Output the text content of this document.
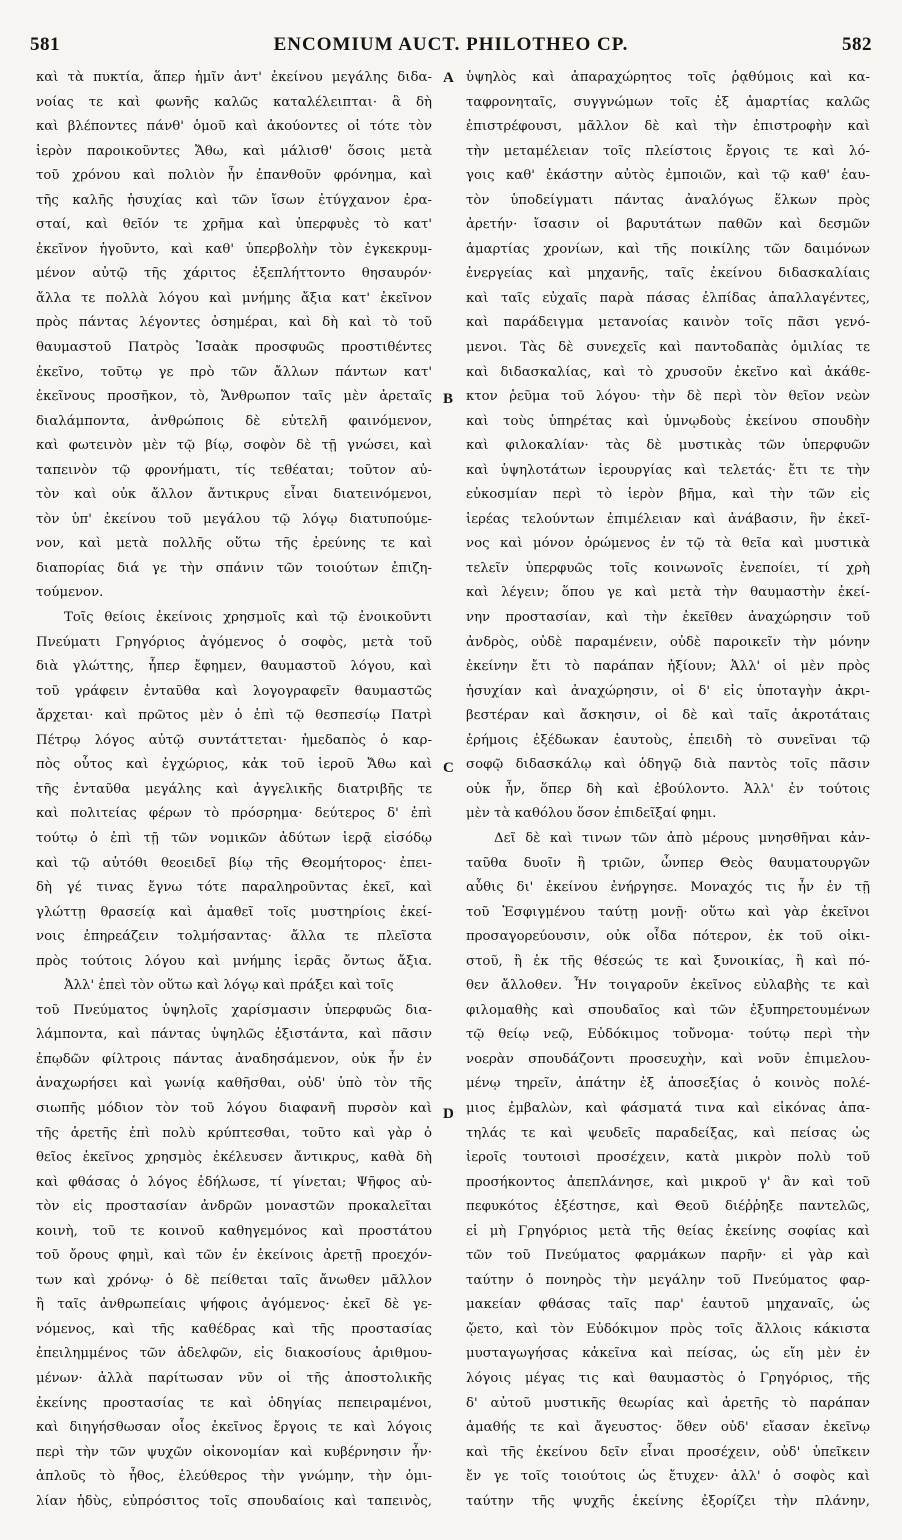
581	ENCOMIUM AUCT. PHILOTHEO CP.	582
καὶ τὰ πυκτία, ἅπερ ἡμῖν ἀντ' ἐκείνου μεγάλης διδα-
νοίας τε καὶ φωνῆς καλῶς καταλέλειπται· ἃ δὴ
καὶ βλέποντες πάνθ' ὁμοῦ καὶ ἀκούοντες οἱ τότε τὸν
ἱερὸν παροικοῦντες Ἄθω, καὶ μάλισθ' ὅσοις μετὰ
τοῦ χρόνου καὶ πολιὸν ἦν ἐπανθοῦν φρόνημα, καὶ
τῆς καλῆς ἡσυχίας καὶ τῶν ἴσων ἐτύγχανον ἐρα-
σταί, καὶ θεῖόν τε χρῆμα καὶ ὑπερφυὲς τὸ κατ'
ἐκεῖνον ἡγοῦντο, καὶ καθ' ὑπερβολὴν τὸν ἐγκεκρυμ-
μένον αὐτῷ τῆς χάριτος ἐξεπλήττοντο θησαυρόν·
ἄλλα τε πολλὰ λόγου καὶ μνήμης ἄξια κατ' ἐκεῖνον
πρὸς πάντας λέγοντες ὁσημέραι, καὶ δὴ καὶ τὸ τοῦ
θαυμαστοῦ Πατρὸς Ἰσαὰκ προσφυῶς προστιθέντες
ἐκεῖνο, τοῦτῳ γε πρὸ τῶν ἄλλων πάντων κατ'
ἐκεῖνους προσῆκον, τὸ, Ἄνθρωπον ταῖς μὲν ἀρεταῖς
διαλάμποντα, ἀνθρώποις δὲ εὐτελῆ φαινόμενον,
καὶ φωτεινὸν μὲν τῷ βίῳ, σοφὸν δὲ τῇ γνώσει, καὶ
ταπεινὸν τῷ φρονήματι, τίς τεθέαται; τοῦτον αὐ-
τὸν καὶ οὐκ ἄλλον ἄντικρυς εἶναι διατεινόμενοι,
τὸν ὑπ' ἐκείνου τοῦ μεγάλου τῷ λόγῳ διατυπούμε-
νον, καὶ μετὰ πολλῆς οὕτω τῆς ἐρεύνης τε καὶ
διαπορίας διά γε τὴν σπάνιν τῶν τοιούτων ἐπιζη-
τούμενον.
Τοῖς θείοις ἐκείνοις χρησμοῖς καὶ τῷ ἐνοικοῦντι
Πνεύματι Γρηγόριος ἀγόμενος ὁ σοφὸς, μετὰ τοῦ
διὰ γλώττης, ἧπερ ἔφημεν, θαυμαστοῦ λόγου, καὶ
τοῦ γράφειν ἐνταῦθα καὶ λογογραφεῖν θαυμαστῶς
ἄρχεται· καὶ πρῶτος μὲν ὁ ἐπὶ τῷ θεσπεσίῳ Πατρὶ
Πέτρῳ λόγος αὐτῷ συντάττεται· ἡμεδαπὸς ὁ καρ-
πὸς οὗτος καὶ ἐγχώριος, κἀκ τοῦ ἱεροῦ Ἄθω καὶ
τῆς ἐνταῦθα μεγάλης καὶ ἀγγελικῆς διατριβῆς τε
καὶ πολιτείας φέρων τὸ πρόσρημα· δεύτερος δ' ἐπὶ
τούτῳ ὁ ἐπὶ τῇ τῶν νομικῶν ἀδύτων ἱερᾷ εἰσόδῳ
καὶ τῷ αὐτόθι θεοειδεῖ βίῳ τῆς Θεομήτορος· ἐπει-
δὴ γέ τινας ἔγνω τότε παραληροῦντας ἐκεῖ, καὶ
γλώττῃ θρασείᾳ καὶ ἀμαθεῖ τοῖς μυστηρίοις ἐκεί-
νοις ἐπηρεάζειν τολμήσαντας· ἄλλα τε πλεῖστα
πρὸς τούτοις λόγου καὶ μνήμης ἱερᾶς ὄντως ἄξια.
Ἀλλ' ἐπεὶ τὸν οὕτω καὶ λόγῳ καὶ πράξει καὶ τοῖς
τοῦ Πνεύματος ὑψηλοῖς χαρίσμασιν ὑπερφυῶς δια-
λάμποντα, καὶ πάντας ὑψηλῶς ἐξιστάντα, καὶ πᾶσιν
ἐπῳδῶν φίλτροις πάντας ἀναδησάμενον, οὐκ ἦν ἐν
ἀναχωρήσει καὶ γωνίᾳ καθῆσθαι, οὐδ' ὑπὸ τὸν τῆς
σιωπῆς μόδιον τὸν τοῦ λόγου διαφανῆ πυρσὸν καὶ
τῆς ἀρετῆς ἐπὶ πολὺ κρύπτεσθαι, τοῦτο καὶ γὰρ ὁ
θεῖος ἐκεῖνος χρησμὸς ἐκέλευσεν ἄντικρυς, καθὰ δὴ
καὶ φθάσας ὁ λόγος ἐδήλωσε, τί γίνεται; Ψῆφος αὐ-
τὸν εἰς προστασίαν ἀνδρῶν μοναστῶν προκαλεῖται
κοινὴ, τοῦ τε κοινοῦ καθηγεμόνος καὶ προστάτου
τοῦ ὄρους φημὶ, καὶ τῶν ἐν ἐκείνοις ἀρετῇ προεχόν-
των καὶ χρόνῳ· ὁ δὲ πείθεται ταῖς ἄνωθεν μᾶλλον
ἢ ταῖς ἀνθρωπείαις ψήφοις ἀγόμενος· ἐκεῖ δὲ γε-
νόμενος, καὶ τῆς καθέδρας καὶ τῆς προστασίας
ἐπειλημμένος τῶν ἀδελφῶν, εἰς διακοσίους ἀριθμου-
μένων· ἀλλὰ παρίτωσαν νῦν οἱ τῆς ἀποστολικῆς
ἐκείνης προστασίας τε καὶ ὁδηγίας πεπειραμένοι,
καὶ διηγήσθωσαν οἷος ἐκεῖνος ἔργοις τε καὶ λόγοις
περὶ τὴν τῶν ψυχῶν οἰκονομίαν καὶ κυβέρνησιν ἦν·
ἁπλοῦς τὸ ἦθος, ἐλεύθερος τὴν γνώμην, τὴν ὁμι-
λίαν ἡδὺς, εὐπρόσιτος τοῖς σπουδαίοις καὶ ταπεινὸς,
ὑψηλὸς καὶ ἀπαραχώρητος τοῖς ῥᾳθύμοις καὶ κα-
ταφρονηταῖς, συγγνώμων τοῖς ἐξ ἁμαρτίας καλῶς
ἐπιστρέφουσι, μᾶλλον δὲ καὶ τὴν ἐπιστροφὴν καὶ
τὴν μεταμέλειαν τοῖς πλείστοις ἔργοις τε καὶ λό-
γοις καθ' ἑκάστην αὐτὸς ἐμποιῶν, καὶ τῷ καθ' ἑαυ-
τὸν ὑποδείγματι πάντας ἀναλόγως ἕλκων πρὸς
ἀρετήν· ἴσασιν οἱ βαρυτάτων παθῶν καὶ δεσμῶν
ἁμαρτίας χρονίων, καὶ τῆς ποικίλης τῶν δαιμόνων
ἐνεργείας καὶ μηχανῆς, ταῖς ἐκείνου διδασκαλίαις
καὶ ταῖς εὐχαῖς παρὰ πάσας ἐλπίδας ἀπαλλαγέντες,
καὶ παράδειγμα μετανοίας καινὸν τοῖς πᾶσι γενό-
μενοι. Τὰς δὲ συνεχεῖς καὶ παντοδαπὰς ὁμιλίας τε
καὶ διδασκαλίας, καὶ τὸ χρυσοῦν ἐκεῖνο καὶ ἀκάθε-
κτον ῥεῦμα τοῦ λόγου· τὴν δὲ περὶ τὸν θεῖον νεὼν
καὶ τοὺς ὑπηρέτας καὶ ὑμνῳδοὺς ἐκείνου σπουδὴν
καὶ φιλοκαλίαν· τὰς δὲ μυστικὰς τῶν ὑπερφυῶν
καὶ ὑψηλοτάτων ἱερουργίας καὶ τελετάς· ἔτι τε τὴν
εὐκοσμίαν περὶ τὸ ἱερὸν βῆμα, καὶ τὴν τῶν εἰς
ἱερέας τελούντων ἐπιμέλειαν καὶ ἀνάβασιν, ἣν ἐκεῖ-
νος καὶ μόνον ὁρώμενος ἐν τῷ τὰ θεῖα καὶ μυστικὰ
τελεῖν ὑπερφυῶς τοῖς κοινωνοῖς ἐνεποίει, τί χρὴ
καὶ λέγειν; ὅπου γε καὶ μετὰ τὴν θαυμαστὴν ἐκεί-
νην προστασίαν, καὶ τὴν ἐκεῖθεν ἀναχώρησιν τοῦ
ἀνδρὸς, οὐδὲ παραμένειν, οὐδὲ παροικεῖν τὴν μόνην
ἐκείνην ἔτι τὸ παράπαν ἠξίουν; Ἀλλ' οἱ μὲν πρὸς
ἡσυχίαν καὶ ἀναχώρησιν, οἱ δ' εἰς ὑποταγὴν ἀκρι-
βεστέραν καὶ ἄσκησιν, οἱ δὲ καὶ ταῖς ἀκροτάταις
ἐρήμοις ἐξέδωκαν ἑαυτοὺς, ἐπειδὴ τὸ συνεῖναι τῷ
σοφῷ διδασκάλῳ καὶ ὁδηγῷ διὰ παντὸς τοῖς πᾶσιν
οὐκ ἦν, ὅπερ δὴ καὶ ἐβούλοντο. Ἀλλ' ἐν τούτοις
μὲν τὰ καθόλου ὅσον ἐπιδεῖξαί φημι.
Δεῖ δὲ καὶ τινων τῶν ἀπὸ μέρους μνησθῆναι κἀν-
ταῦθα δυοῖν ἢ τριῶν, ὧνπερ Θεὸς θαυματουργῶν
αὖθις δι' ἐκείνου ἐνήργησε. Μοναχός τις ἦν ἐν τῇ
τοῦ Ἐσφιγμένου ταύτῃ μονῇ· οὕτω καὶ γὰρ ἐκεῖνοι
προσαγορεύουσιν, οὐκ οἶδα πότερον, ἐκ τοῦ οἰκι-
στοῦ, ἢ ἐκ τῆς θέσεώς τε καὶ ξυνοικίας, ἢ καὶ πό-
θεν ἄλλοθεν. Ἦν τοιγαροῦν ἐκεῖνος εὐλαβὴς τε καὶ
φιλομαθὴς καὶ σπουδαῖος καὶ τῶν ἐξυπηρετουμένων
τῷ θείῳ νεῷ, Εὐδόκιμος τοὔνομα· τούτῳ περὶ τὴν
νοερὰν σπουδάζοντι προσευχὴν, καὶ νοῦν ἐπιμελου-
μένῳ τηρεῖν, ἀπάτην ἐξ ἀποσεξίας ὁ κοινὸς πολέ-
μιος ἐμβαλὼν, καὶ φάσματά τινα καὶ εἰκόνας ἀπα-
τηλάς τε καὶ ψευδεῖς παραδείξας, καὶ πείσας ὡς
ἱεροῖς τουτοισὶ προσέχειν, κατὰ μικρὸν πολὺ τοῦ
προσήκοντος ἀπεπλάνησε, καὶ μικροῦ γ' ἂν καὶ τοῦ
πεφυκότος ἐξέστησε, καὶ Θεοῦ διέῤῥηξε παντελῶς,
εἰ μὴ Γρηγόριος μετὰ τῆς θείας ἐκείνης σοφίας καὶ
τῶν τοῦ Πνεύματος φαρμάκων παρῆν· εἰ γὰρ καὶ
ταύτην ὁ πονηρὸς τὴν μεγάλην τοῦ Πνεύματος φαρ-
μακείαν φθάσας ταῖς παρ' ἑαυτοῦ μηχαναῖς, ὡς
ᾤετο, καὶ τὸν Εὐδόκιμον πρὸς τοῖς ἄλλοις κάκιστα
μυσταγωγήσας κἀκεῖνα καὶ πείσας, ὡς εἴη μὲν ἐν
λόγοις μέγας τις καὶ θαυμαστὸς ὁ Γρηγόριος, τῆς
δ' αὐτοῦ μυστικῆς θεωρίας καὶ ἀρετῆς τὸ παράπαν
ἀμαθής τε καὶ ἄγευστος· ὅθεν οὐδ' εἴασαν ἐκεῖνῳ
καὶ τῆς ἐκείνου δεῖν εἶναι προσέχειν, οὐδ' ὑπεῖκειν
ἔν γε τοῖς τοιούτοις ὡς ἔτυχεν· ἀλλ' ὁ σοφὸς καὶ
ταύτην τῆς ψυχῆς ἐκείνης ἐξορίζει τὴν πλάνην,
A
B
C
D
